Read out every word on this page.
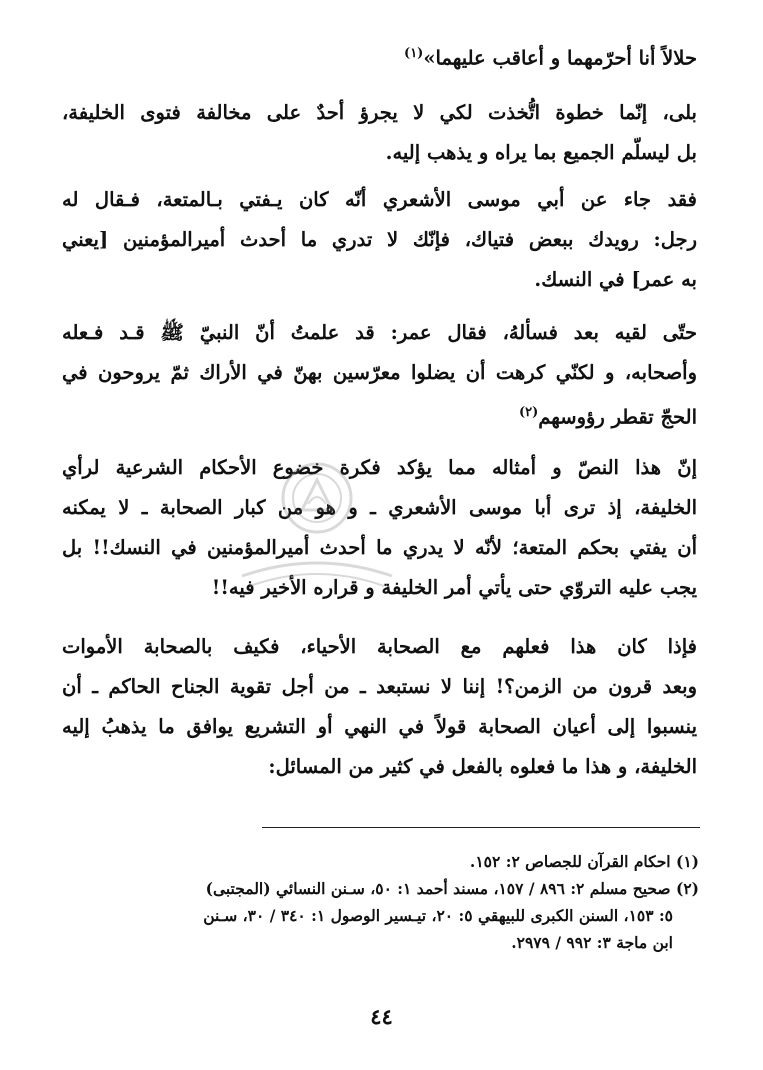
حلالاً أنا أحرّمهما و أعاقب عليهما»$^{(١)}$
بلى، إنّما خطوة اتُّخذت لكي لا يجرؤ أحدٌ على مخالفة فتوى الخليفة،
بل ليسلّم الجميع بما يراه و يذهب إليه.
فقد جاء عن أبي موسى الأشعري أنّه كان يـفتي بـالمتعة، فـقال له
رجل: رويدك ببعض فتياك، فإنّك لا تدري ما أحدث أميرالمؤمنين [يعني
به عمر] في النسك.
حتّى لقيه بعد فسألهُ، فقال عمر: قد علمتُ أنّ النبيّ ﷺ قـد فـعله
وأصحابه، و لكنّي كرهت أن يضلوا معرّسين بهنّ في الأراك ثمّ يروحون في
الحجّ تقطر رؤوسهم$^{(٢)}$
إنّ هذا النصّ و أمثاله مما يؤكد فكرة خضوع الأحكام الشرعية لرأي
الخليفة، إذ ترى أبا موسى الأشعري ـ و هو من كبار الصحابة ـ لا يمكنه
أن يفتي بحكم المتعة؛ لأنّه لا يدري ما أحدث أميرالمؤمنين في النسك!! بل
يجب عليه التروّي حتى يأتي أمر الخليفة و قراره الأخير فيه!!
فإذا كان هذا فعلهم مع الصحابة الأحياء، فكيف بالصحابة الأموات
وبعد قرون من الزمن؟! إننا لا نستبعد ـ من أجل تقوية الجناح الحاكم ـ أن
ينسبوا إلى أعيان الصحابة قولاً في النهي أو التشريع يوافق ما يذهبُ إليه
الخليفة، و هذا ما فعلوه بالفعل في كثير من المسائل:
(١) احكام القرآن للجصاص ٢: ١٥٢.
(٢) صحيح مسلم ٢: ٨٩٦ / ١٥٧، مسند أحمد ١: ٥٠، سـنن النسائي (المجتبى)
٥: ١٥٣، السنن الكبرى للبيهقي ٥: ٢٠، تيـسير الوصول ١: ٣٤٠ / ٣٠، سـنن
ابن ماجة ٣: ٩٩٢ / ٢٩٧٩.
٤٤
